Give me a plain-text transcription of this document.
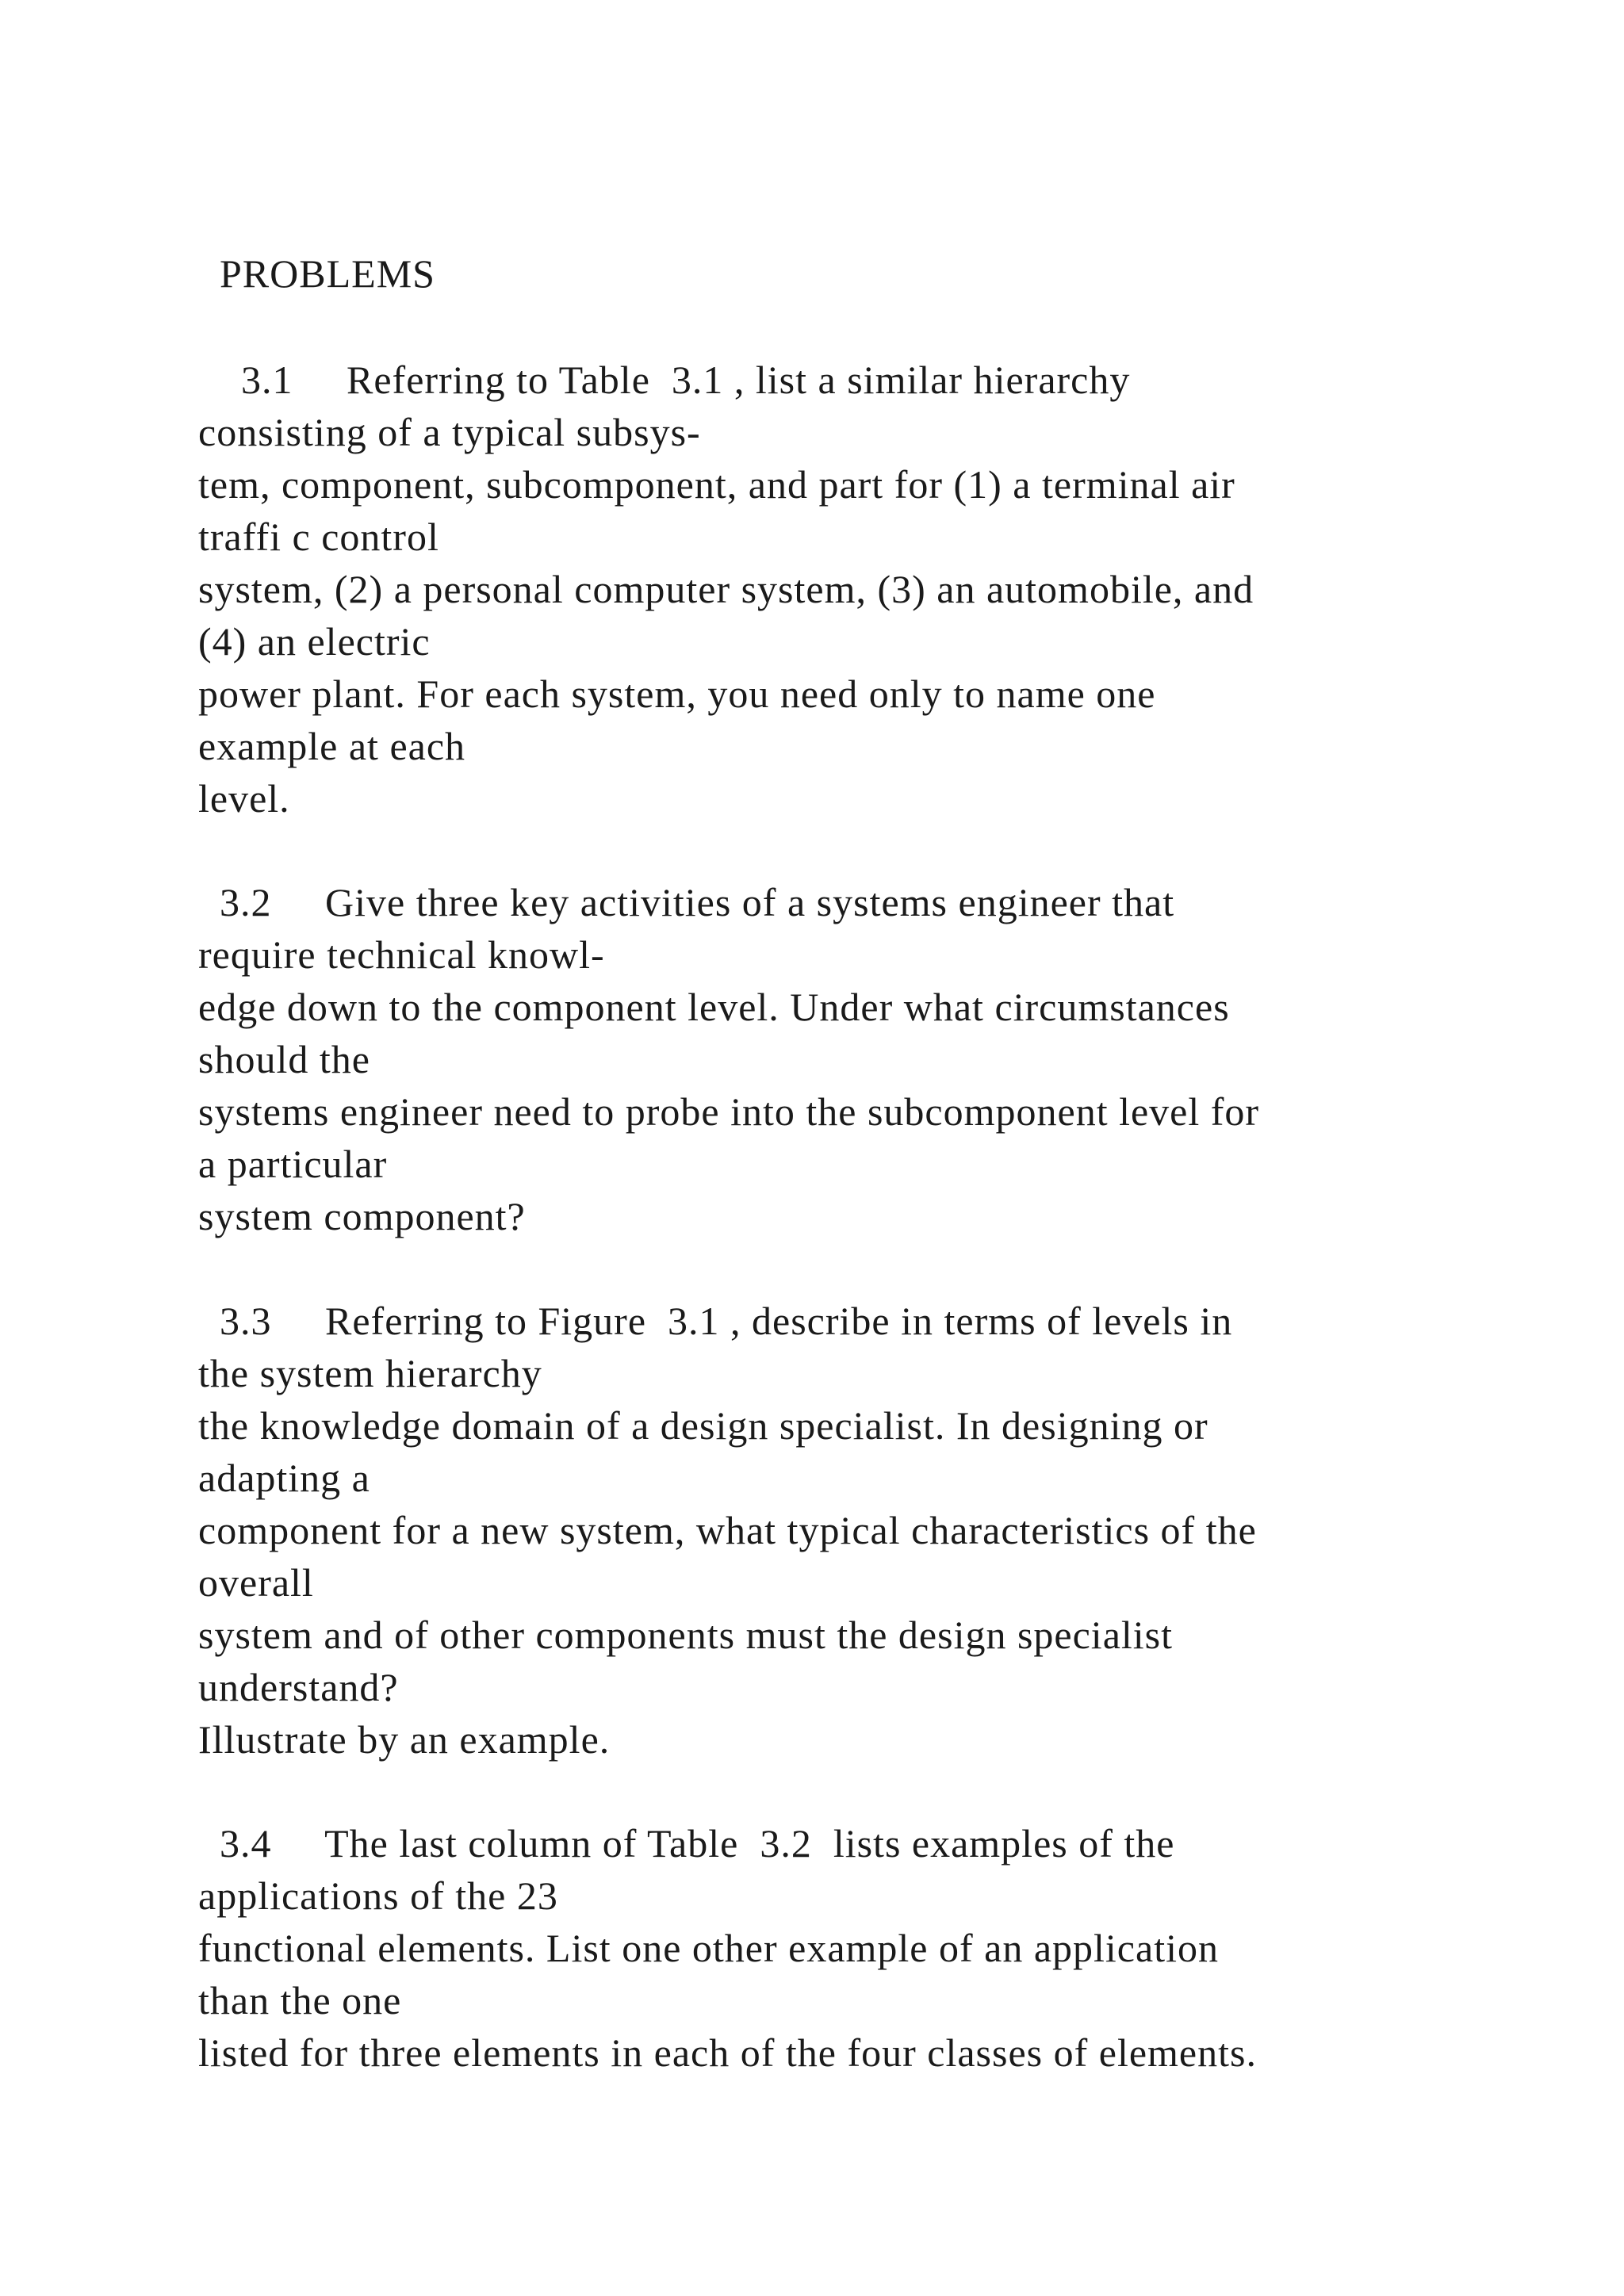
PROBLEMS
3.1     Referring to Table  3.1 , list a similar hierarchy
consisting of a typical subsys-
tem, component, subcomponent, and part for (1) a terminal air
traffi c control
system, (2) a personal computer system, (3) an automobile, and
(4) an electric
power plant. For each system, you need only to name one
example at each
level.
3.2     Give three key activities of a systems engineer that
require technical knowl-
edge down to the component level. Under what circumstances
should the
systems engineer need to probe into the subcomponent level for
a particular
system component?
3.3     Referring to Figure  3.1 , describe in terms of levels in
the system hierarchy
the knowledge domain of a design specialist. In designing or
adapting a
component for a new system, what typical characteristics of the
overall
system and of other components must the design specialist
understand?
Illustrate by an example.
3.4     The last column of Table  3.2  lists examples of the
applications of the 23
functional elements. List one other example of an application
than the one
listed for three elements in each of the four classes of elements.
